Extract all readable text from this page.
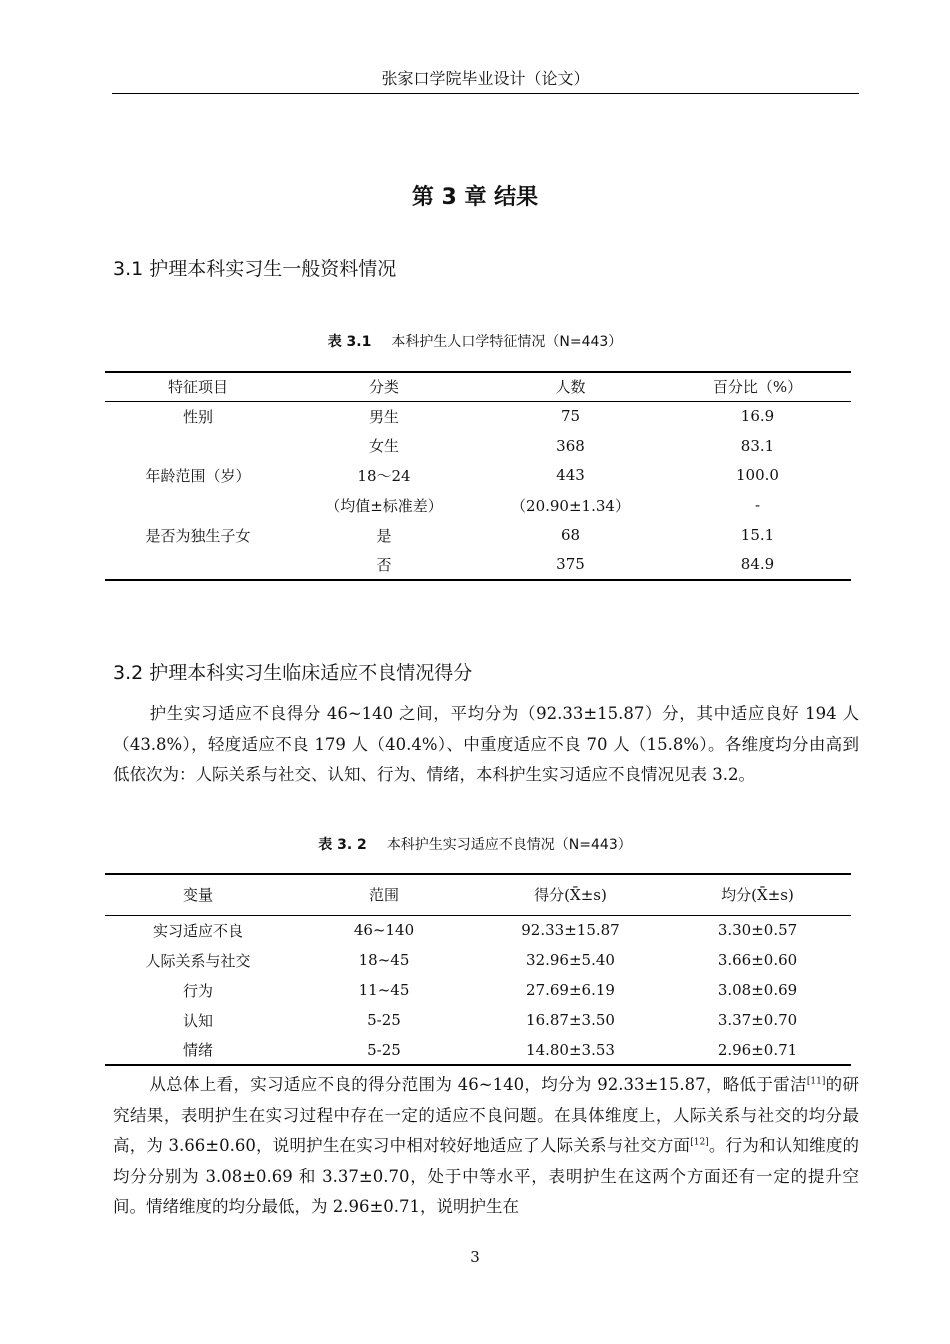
张家口学院毕业设计（论文）
第 3 章 结果
3.1 护理本科实习生一般资料情况
表 3.1 本科护生人口学特征情况（N=443）
特征项目	分类	人数	百分比（%）
性别	男生	75	16.9
	女生	368	83.1
年龄范围（岁）	18～24	443	100.0
	（均值±标准差）	（20.90±1.34）	-
是否为独生子女	是	68	15.1
	否	375	84.9
3.2 护理本科实习生临床适应不良情况得分

护生实习适应不良得分 46~140 之间，平均分为（92.33±15.87）分，其中适应良好 194 人（43.8%），轻度适应不良 179 人（40.4%）、中重度适应不良 70 人（15.8%）。各维度均分由高到低依次为：人际关系与社交、认知、行为、情绪，本科护生实习适应不良情况见表 3.2。

表 3. 2 本科护生实习适应不良情况（N=443）
变量	范围	得分(X̄±s)	均分(X̄±s)
实习适应不良	46~140	92.33±15.87	3.30±0.57
人际关系与社交	18~45	32.96±5.40	3.66±0.60
行为	11~45	27.69±6.19	3.08±0.69
认知	5-25	16.87±3.50	3.37±0.70
情绪	5-25	14.80±3.53	2.96±0.71

从总体上看，实习适应不良的得分范围为 46~140，均分为 92.33±15.87，略低于雷洁[11]的研究结果，表明护生在实习过程中存在一定的适应不良问题。在具体维度上，人际关系与社交的均分最高，为 3.66±0.60，说明护生在实习中相对较好地适应了人际关系与社交方面[12]。行为和认知维度的均分分别为 3.08±0.69 和 3.37±0.70，处于中等水平，表明护生在这两个方面还有一定的提升空间。情绪维度的均分最低，为 2.96±0.71，说明护生在

3
